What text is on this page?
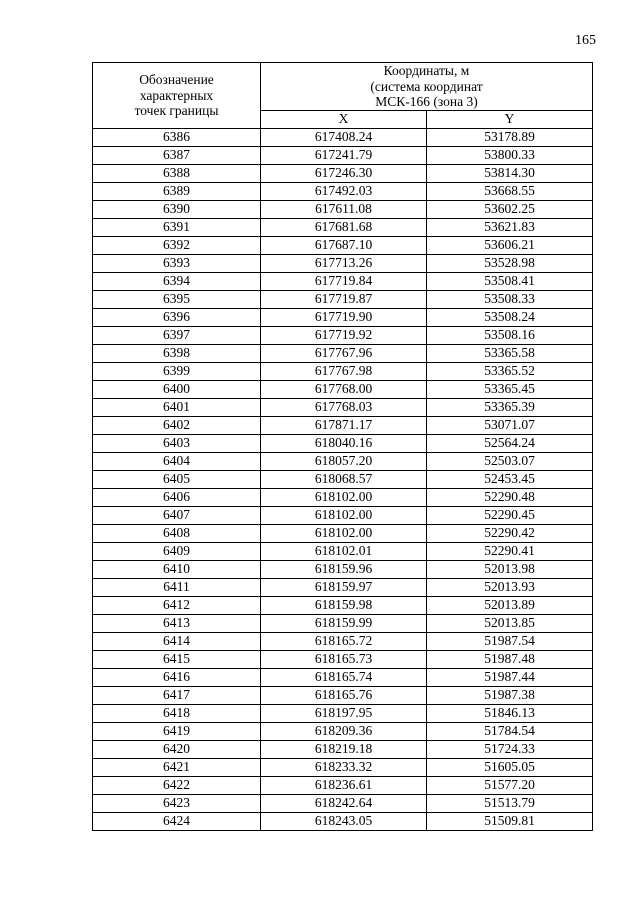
165
Обозначение
характерных
точек границы	Координаты, м
(система координат
МСК-166 (зона 3)	

	X	Y
6386	617408.24	53178.89
6387	617241.79	53800.33
6388	617246.30	53814.30
6389	617492.03	53668.55
6390	617611.08	53602.25
6391	617681.68	53621.83
6392	617687.10	53606.21
6393	617713.26	53528.98
6394	617719.84	53508.41
6395	617719.87	53508.33
6396	617719.90	53508.24
6397	617719.92	53508.16
6398	617767.96	53365.58
6399	617767.98	53365.52
6400	617768.00	53365.45
6401	617768.03	53365.39
6402	617871.17	53071.07
6403	618040.16	52564.24
6404	618057.20	52503.07
6405	618068.57	52453.45
6406	618102.00	52290.48
6407	618102.00	52290.45
6408	618102.00	52290.42
6409	618102.01	52290.41
6410	618159.96	52013.98
6411	618159.97	52013.93
6412	618159.98	52013.89
6413	618159.99	52013.85
6414	618165.72	51987.54
6415	618165.73	51987.48
6416	618165.74	51987.44
6417	618165.76	51987.38
6418	618197.95	51846.13
6419	618209.36	51784.54
6420	618219.18	51724.33
6421	618233.32	51605.05
6422	618236.61	51577.20
6423	618242.64	51513.79
6424	618243.05	51509.81
